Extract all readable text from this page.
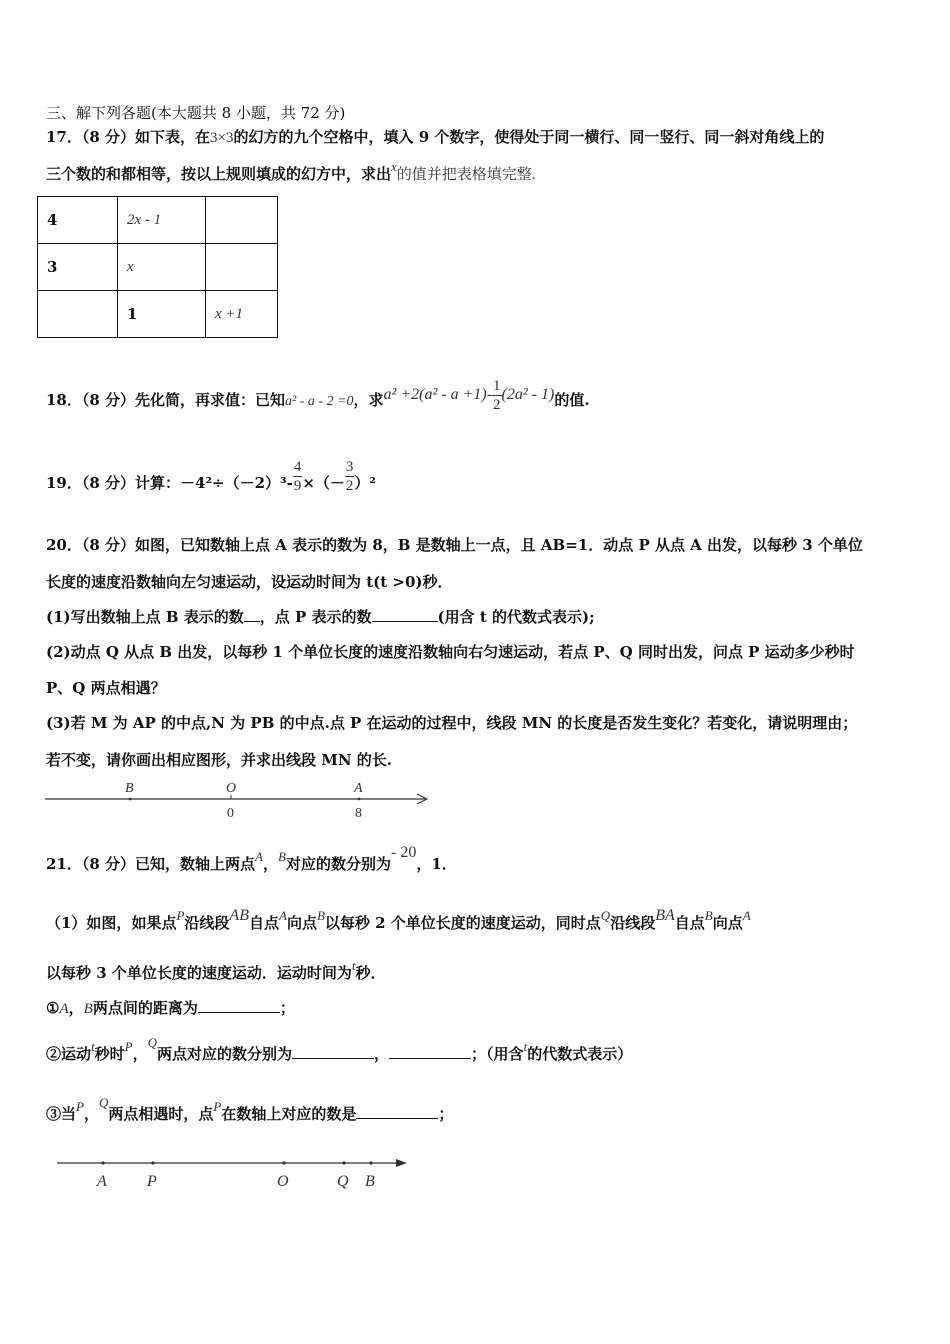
三、解下列各题(本大题共 8 小题，共 72 分)
17．（8 分）如下表，在3×3的幻方的九个空格中，填入 9 个数字，使得处于同一横行、同一竖行、同一斜对角线上的
三个数的和都相等，按以上规则填成的幻方中，求出x的值并把表格填完整.
4	2x - 1	
3	x	
	1	x +1
18．（8 分）先化简，再求值：已知a² - a - 2 =0，求$a^2 +2(a^2 - a +1)- \frac{1}{2} (2a^2 - 1)$的值.
19．（8 分）计算：$-4^2\div(-2)^3- \frac{4}{9}$ ×（－ $\frac{3}{2} )^2$
20．（8 分）如图，已知数轴上点 A 表示的数为 8，B 是数轴上一点，且 AB=1．动点 P 从点 A 出发，以每秒 3 个单位
长度的速度沿数轴向左匀速运动，设运动时间为 t(t >0)秒．
(1)写出数轴上点 B 表示的数 ，点 P 表示的数	(用含 t 的代数式表示);
(2)动点 Q 从点 B 出发，以每秒 1 个单位长度的速度沿数轴向右匀速运动，若点 P、Q 同时出发，问点 P 运动多少秒时
P、Q 两点相遇？
(3)若 M 为 AP 的中点,N 为 PB 的中点.点 P 在运动的过程中，线段 MN 的长度是否发生变化？若变化，请说明理由；
若不变，请你画出相应图形，并求出线段 MN 的长.
B	O	A
0	8
21．（8 分）已知，数轴上两点A，B对应的数分别为- 20，1．
（1）如图，如果点P沿线段AB自点A向点B以每秒 2 个单位长度的速度运动，同时点Q沿线段BA自点B向点A
以每秒 3 个单位长度的速度运动．运动时间为t秒．
①A，B两点间的距离为	；
②运动t秒时P，Q两点对应的数分别为	，	；（用含t的代数式表示）
③当P，Q两点相遇时，点P在数轴上对应的数是	；
A	P	O	Q B
